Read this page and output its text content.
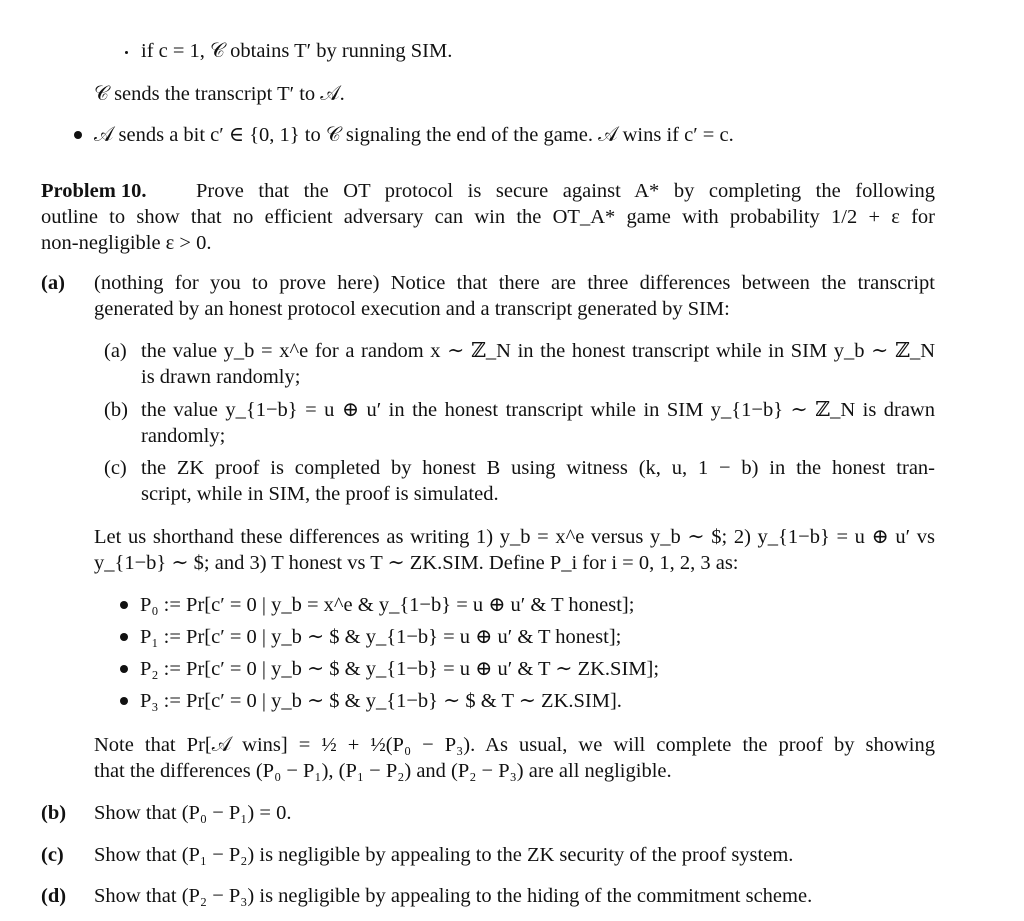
if c = 1, 𝒞 obtains T′ by running SIM.
𝒞 sends the transcript T′ to 𝒜.
𝒜 sends a bit c′ ∈ {0, 1} to 𝒞 signaling the end of the game. 𝒜 wins if c′ = c.
Problem 10. Prove that the OT protocol is secure against A* by completing the following
outline to show that no efficient adversary can win the OT_A* game with probability 1/2 + ε for
non-negligible ε > 0.
(a) (nothing for you to prove here) Notice that there are three differences between the transcript
generated by an honest protocol execution and a transcript generated by SIM:
(a) the value y_b = x^e for a random x ∼ ℤ_N in the honest transcript while in SIM y_b ∼ ℤ_N
is drawn randomly;
(b) the value y_{1−b} = u ⊕ u′ in the honest transcript while in SIM y_{1−b} ∼ ℤ_N is drawn
randomly;
(c) the ZK proof is completed by honest B using witness (k, u, 1 − b) in the honest tran-
script, while in SIM, the proof is simulated.
Let us shorthand these differences as writing 1) y_b = x^e versus y_b ∼ $; 2) y_{1−b} = u ⊕ u′ vs
y_{1−b} ∼ $; and 3) T honest vs T ∼ ZK.SIM. Define P_i for i = 0, 1, 2, 3 as:
P₀ := Pr[c′ = 0 | y_b = x^e & y_{1−b} = u ⊕ u′ & T honest];
P₁ := Pr[c′ = 0 | y_b ∼ $ & y_{1−b} = u ⊕ u′ & T honest];
P₂ := Pr[c′ = 0 | y_b ∼ $ & y_{1−b} = u ⊕ u′ & T ∼ ZK.SIM];
P₃ := Pr[c′ = 0 | y_b ∼ $ & y_{1−b} ∼ $ & T ∼ ZK.SIM].
Note that Pr[𝒜 wins] = ½ + ½(P₀ − P₃). As usual, we will complete the proof by showing
that the differences (P₀ − P₁), (P₁ − P₂) and (P₂ − P₃) are all negligible.
(b) Show that (P₀ − P₁) = 0.
(c) Show that (P₁ − P₂) is negligible by appealing to the ZK security of the proof system.
(d) Show that (P₂ − P₃) is negligible by appealing to the hiding of the commitment scheme.
